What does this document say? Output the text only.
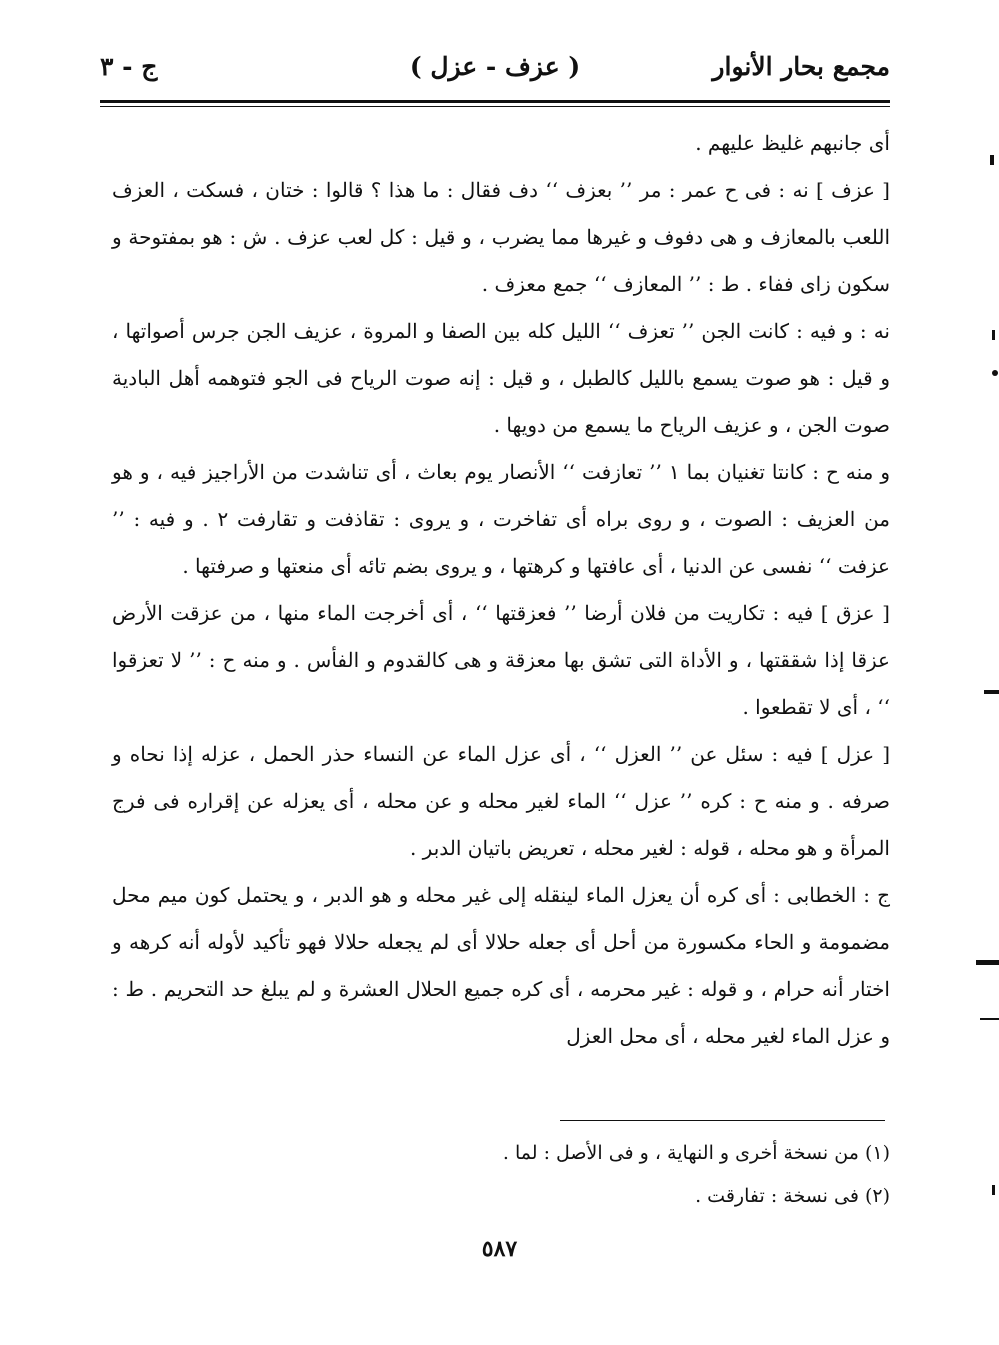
مجمع بحار الأنوار
( عزف - عزل )
ج - ٣

أى جانبهم غليظ عليهم .

[ عزف ] نه : فى ح عمر : مر ’’ بعزف ‘‘ دف فقال : ما هذا ؟ قالوا : ختان ، فسكت ، العزف اللعب بالمعازف و هى دفوف و غيرها مما يضرب ، و قيل : كل لعب عزف . ش : هو بمفتوحة و سكون زاى ففاء . ط : ’’ المعازف ‘‘ جمع معزف .

نه : و فيه : كانت الجن ’’ تعزف ‘‘ الليل كله بين الصفا و المروة ، عزيف الجن جرس أصواتها ، و قيل : هو صوت يسمع بالليل كالطبل ، و قيل : إنه صوت الرياح فى الجو فتوهمه أهل البادية صوت الجن ، و عزيف الرياح ما يسمع من دويها .

و منه ح : كانتا تغنيان بما ١ ’’ تعازفت ‘‘ الأنصار يوم بعاث ، أى تناشدت من الأراجيز فيه ، و هو من العزيف : الصوت ، و روى براه أى تفاخرت ، و يروى : تقاذفت و تقارفت ٢ . و فيه : ’’ عزفت ‘‘ نفسى عن الدنيا ، أى عافتها و كرهتها ، و يروى بضم تائه أى منعتها و صرفتها .

[ عزق ] فيه : تكاريت من فلان أرضا ’’ فعزقتها ‘‘ ، أى أخرجت الماء منها ، من عزقت الأرض عزقا إذا شققتها ، و الأداة التى تشق بها معزقة و هى كالقدوم و الفأس . و منه ح : ’’ لا تعزقوا ‘‘ ، أى لا تقطعوا .

[ عزل ] فيه : سئل عن ’’ العزل ‘‘ ، أى عزل الماء عن النساء حذر الحمل ، عزله إذا نحاه و صرفه . و منه ح : كره ’’ عزل ‘‘ الماء لغير محله و عن محله ، أى يعزله عن إقراره فى فرج المرأة و هو محله ، قوله : لغير محله ، تعريض باتيان الدبر .

ج : الخطابى : أى كره أن يعزل الماء لينقله إلى غير محله و هو الدبر ، و يحتمل كون ميم محل مضمومة و الحاء مكسورة من أحل أى جعله حلالا أى لم يجعله حلالا فهو تأكيد لأوله أنه كرهه و اختار أنه حرام ، و قوله : غير محرمه ، أى كره جميع الحلال العشرة و لم يبلغ حد التحريم . ط : و عزل الماء لغير محله ، أى محل العزل

(١) من نسخة أخرى و النهاية ، و فى الأصل : لما .

(٢) فى نسخة : تفارقت .

٥٨٧
